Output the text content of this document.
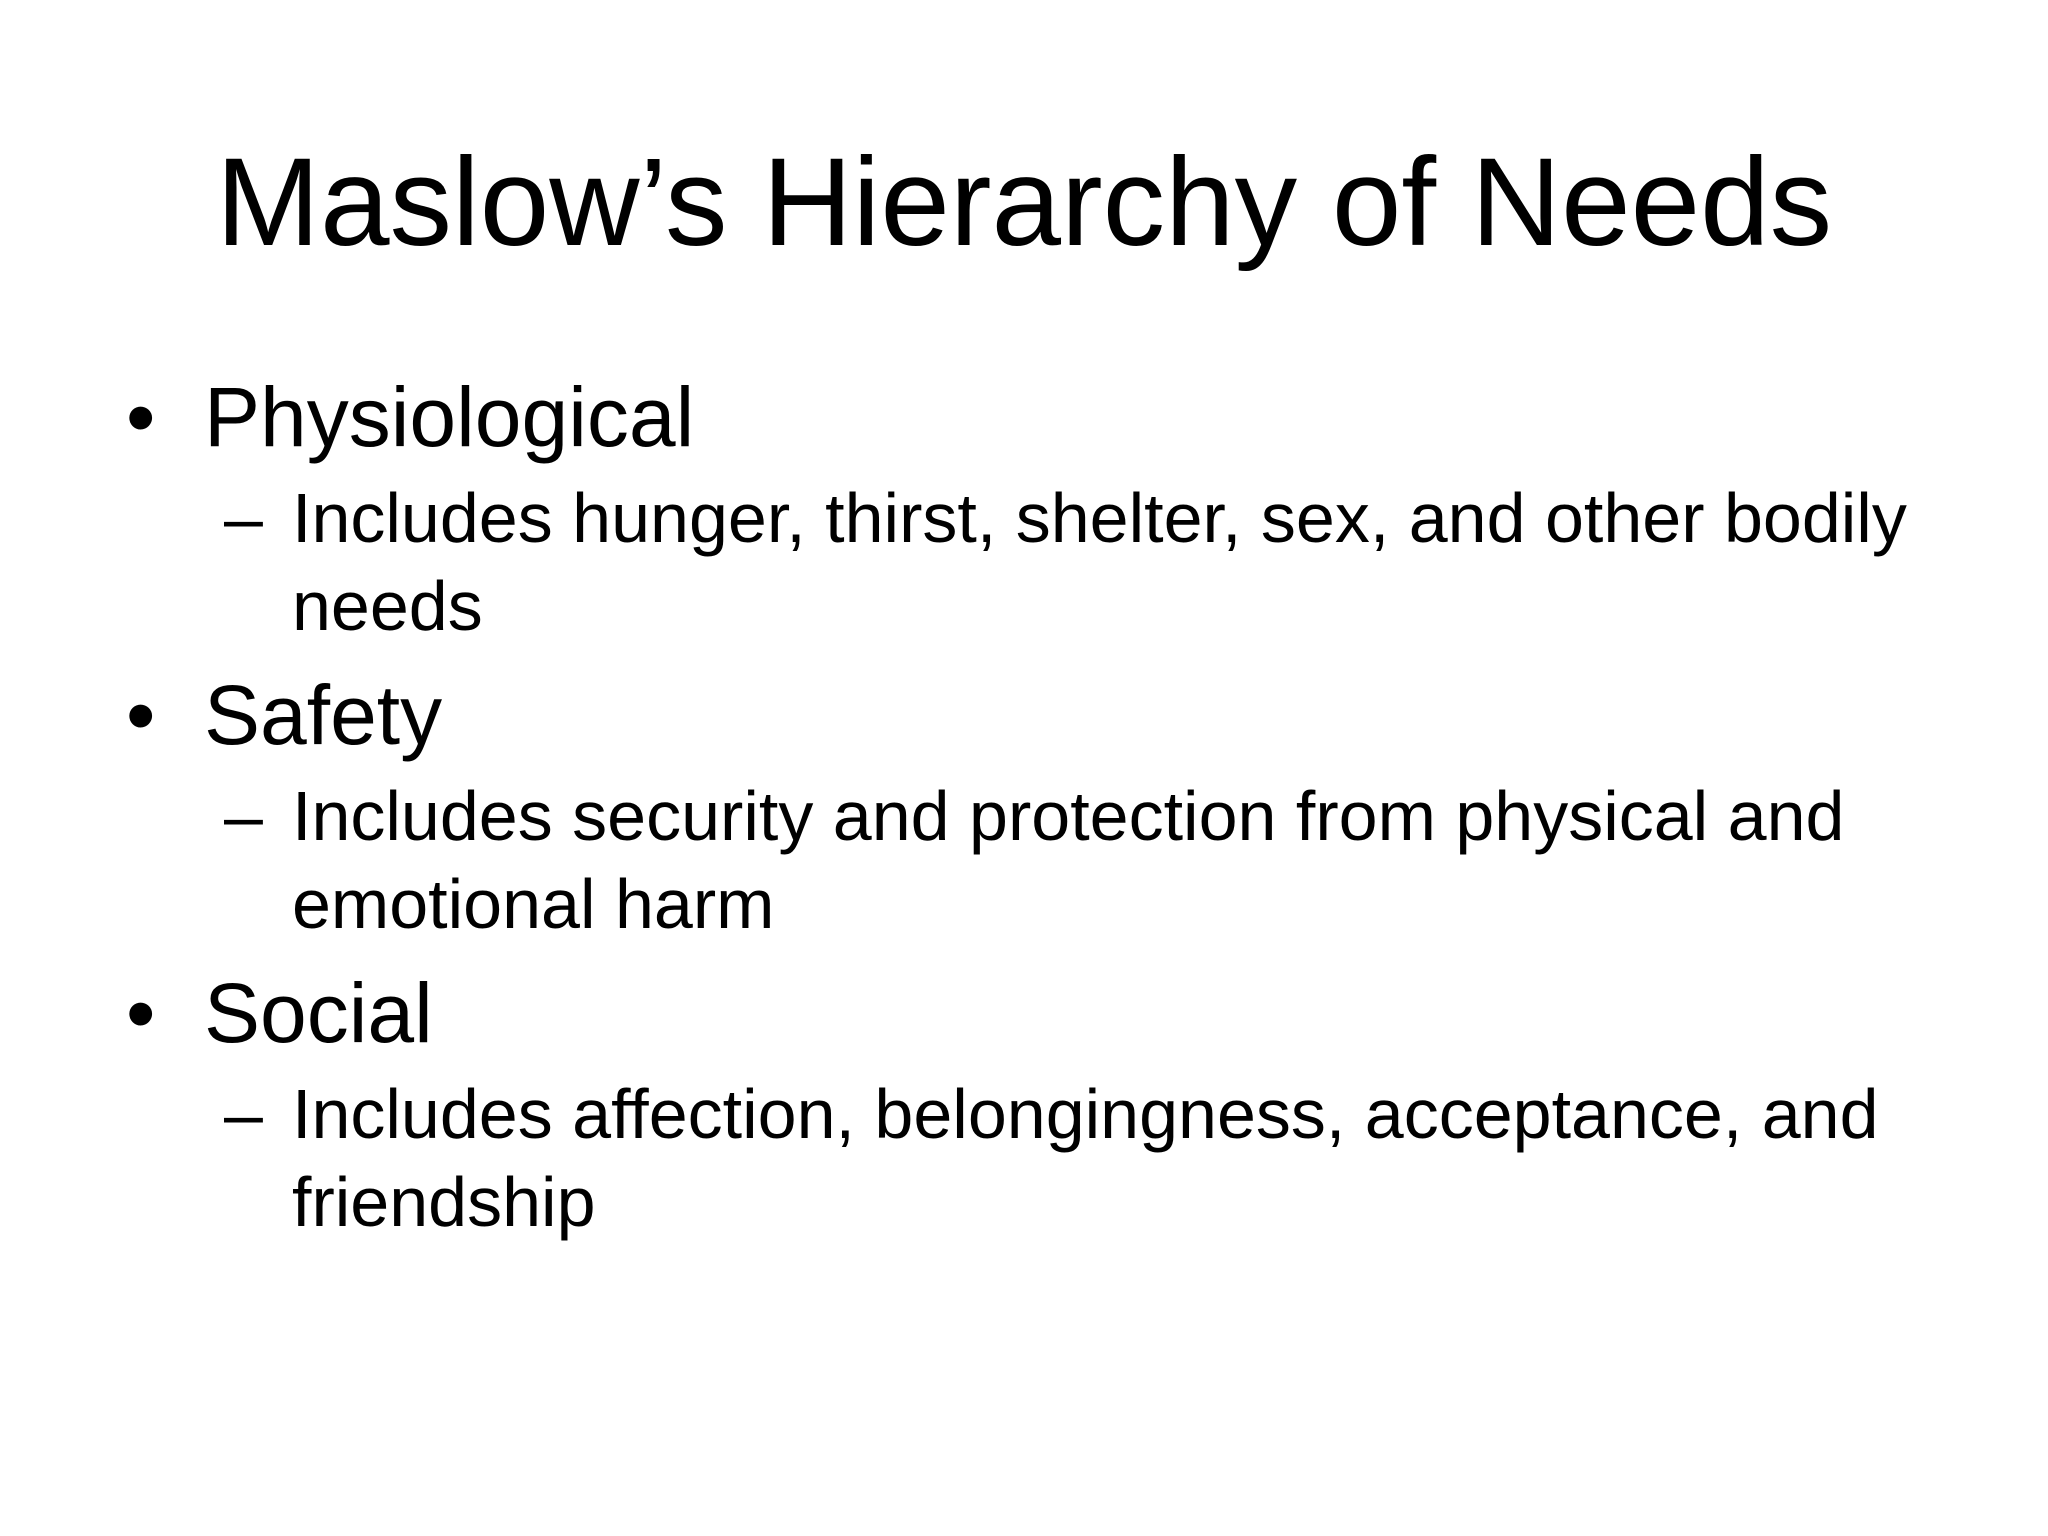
Maslow’s Hierarchy of Needs
• Physiological
– Includes hunger, thirst, shelter, sex, and other bodily needs
• Safety
– Includes security and protection from physical and emotional harm
• Social
– Includes affection, belongingness, acceptance, and friendship
